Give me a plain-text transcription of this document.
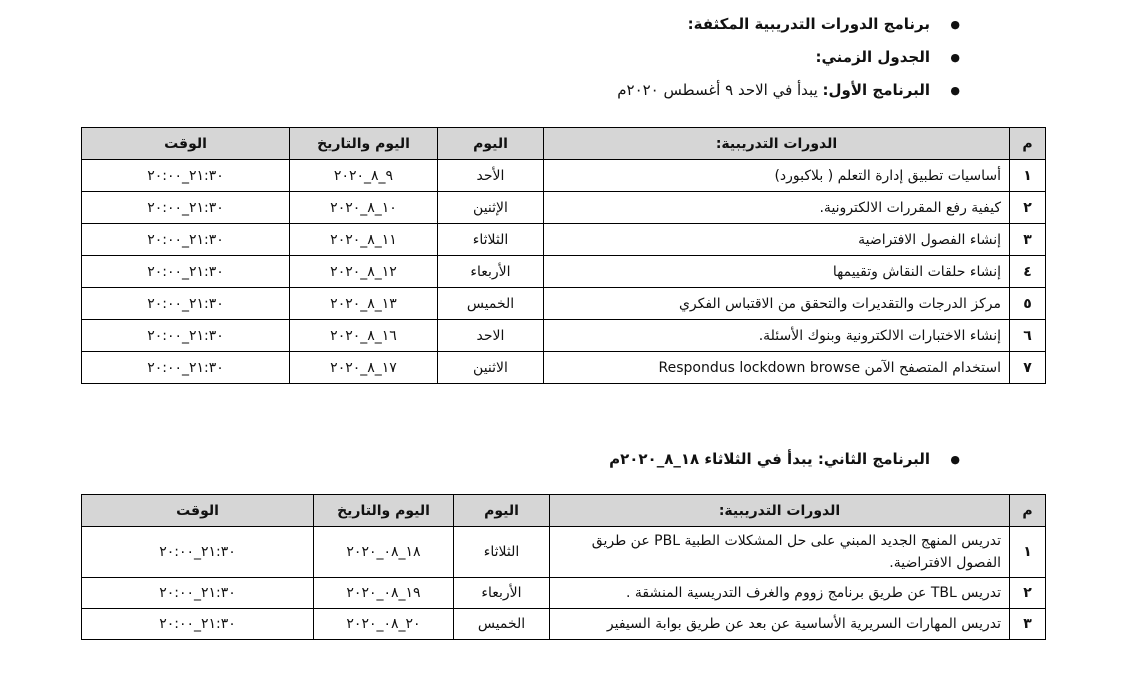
● برنامج الدورات التدريبية المكثفة:
● الجدول الزمني:
● البرنامج الأول: يبدأ في الاحد ٩ أغسطس ٢٠٢٠م
م	الدورات التدريبية:	اليوم	اليوم والتاريخ	الوقت
١	أساسيات تطبيق إدارة التعلم ( بلاكبورد)	الأحد	٩_٨_٢٠٢٠	٢١:٣٠_٢٠:٠٠
٢	كيفية رفع المقررات الالكترونية.	الإثنين	١٠_٨_٢٠٢٠	٢١:٣٠_٢٠:٠٠
٣	إنشاء الفصول الافتراضية	الثلاثاء	١١_٨_٢٠٢٠	٢١:٣٠_٢٠:٠٠
٤	إنشاء حلقات النقاش وتقييمها	الأربعاء	١٢_٨_٢٠٢٠	٢١:٣٠_٢٠:٠٠
٥	مركز الدرجات والتقديرات والتحقق من الاقتباس الفكري	الخميس	١٣_٨_٢٠٢٠	٢١:٣٠_٢٠:٠٠
٦	إنشاء الاختبارات الالكترونية وبنوك الأسئلة.	الاحد	١٦_٨_٢٠٢٠	٢١:٣٠_٢٠:٠٠
٧	استخدام المتصفح الآمن Respondus lockdown browse	الاثنين	١٧_٨_٢٠٢٠	٢١:٣٠_٢٠:٠٠
● البرنامج الثاني: يبدأ في الثلاثاء ١٨_٨_٢٠٢٠م
م	الدورات التدريبية:	اليوم	اليوم والتاريخ	الوقت
١	تدريس المنهج الجديد المبني على حل المشكلات الطبية PBL عن طريق الفصول الافتراضية.	الثلاثاء	١٨_٠٨_٢٠٢٠	٢١:٣٠_٢٠:٠٠
٢	تدريس TBL عن طريق برنامج زووم والغرف التدريسية المنشقة .	الأربعاء	١٩_٠٨_٢٠٢٠	٢١:٣٠_٢٠:٠٠
٣	تدريس المهارات السريرية الأساسية عن بعد عن طريق بوابة السيفير	الخميس	٢٠_٠٨_٢٠٢٠	٢١:٣٠_٢٠:٠٠
